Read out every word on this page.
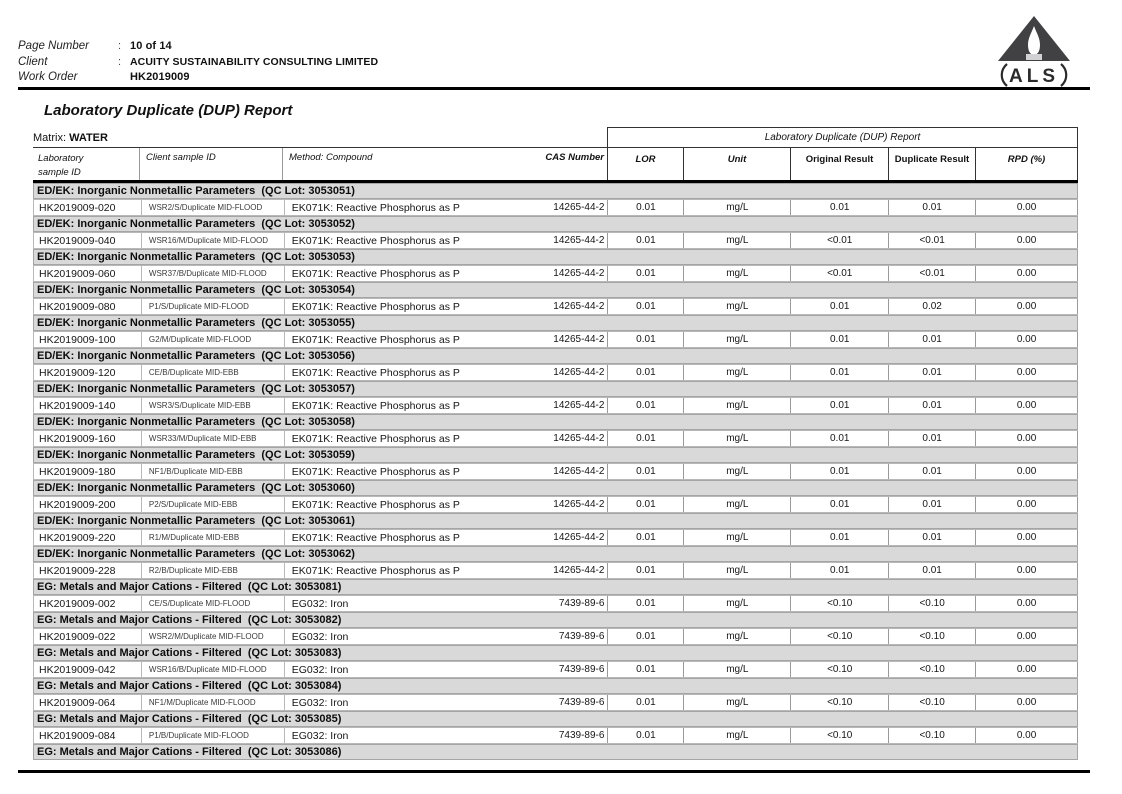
Page Number	: 10 of 14
Client	: ACUITY SUSTAINABILITY CONSULTING LIMITED
Work Order	HK2019009	ALS
Laboratory Duplicate (DUP) Report
Matrix: WATER	Laboratory Duplicate (DUP) Report
Laboratory
sample ID
Client sample ID	Method: Compound	CAS Number	LOR	Unit	Original Result	Duplicate Result	RPD (%)
ED/EK: Inorganic Nonmetallic Parameters  (QC Lot: 3053051)
HK2019009-020	WSR2/S/Duplicate MID-FLOOD	EK071K: Reactive Phosphorus as P	14265-44-2	0.01	mg/L	0.01	0.01	0.00
ED/EK: Inorganic Nonmetallic Parameters  (QC Lot: 3053052)
HK2019009-040	WSR16/M/Duplicate MID-FLOOD	EK071K: Reactive Phosphorus as P	14265-44-2	0.01	mg/L	<0.01	<0.01	0.00
ED/EK: Inorganic Nonmetallic Parameters  (QC Lot: 3053053)
HK2019009-060	WSR37/B/Duplicate MID-FLOOD	EK071K: Reactive Phosphorus as P	14265-44-2	0.01	mg/L	<0.01	<0.01	0.00
ED/EK: Inorganic Nonmetallic Parameters  (QC Lot: 3053054)
HK2019009-080	P1/S/Duplicate MID-FLOOD	EK071K: Reactive Phosphorus as P	14265-44-2	0.01	mg/L	0.01	0.02	0.00
ED/EK: Inorganic Nonmetallic Parameters  (QC Lot: 3053055)
HK2019009-100	G2/M/Duplicate MID-FLOOD	EK071K: Reactive Phosphorus as P	14265-44-2	0.01	mg/L	0.01	0.01	0.00
ED/EK: Inorganic Nonmetallic Parameters  (QC Lot: 3053056)
HK2019009-120	CE/B/Duplicate MID-EBB	EK071K: Reactive Phosphorus as P	14265-44-2	0.01	mg/L	0.01	0.01	0.00
ED/EK: Inorganic Nonmetallic Parameters  (QC Lot: 3053057)
HK2019009-140	WSR3/S/Duplicate MID-EBB	EK071K: Reactive Phosphorus as P	14265-44-2	0.01	mg/L	0.01	0.01	0.00
ED/EK: Inorganic Nonmetallic Parameters  (QC Lot: 3053058)
HK2019009-160	WSR33/M/Duplicate MID-EBB	EK071K: Reactive Phosphorus as P	14265-44-2	0.01	mg/L	0.01	0.01	0.00
ED/EK: Inorganic Nonmetallic Parameters  (QC Lot: 3053059)
HK2019009-180	NF1/B/Duplicate MID-EBB	EK071K: Reactive Phosphorus as P	14265-44-2	0.01	mg/L	0.01	0.01	0.00
ED/EK: Inorganic Nonmetallic Parameters  (QC Lot: 3053060)
HK2019009-200	P2/S/Duplicate MID-EBB	EK071K: Reactive Phosphorus as P	14265-44-2	0.01	mg/L	0.01	0.01	0.00
ED/EK: Inorganic Nonmetallic Parameters  (QC Lot: 3053061)
HK2019009-220	R1/M/Duplicate MID-EBB	EK071K: Reactive Phosphorus as P	14265-44-2	0.01	mg/L	0.01	0.01	0.00
ED/EK: Inorganic Nonmetallic Parameters  (QC Lot: 3053062)
HK2019009-228	R2/B/Duplicate MID-EBB	EK071K: Reactive Phosphorus as P	14265-44-2	0.01	mg/L	0.01	0.01	0.00
EG: Metals and Major Cations - Filtered  (QC Lot: 3053081)
HK2019009-002	CE/S/Duplicate MID-FLOOD	EG032: Iron	7439-89-6	0.01	mg/L	<0.10	<0.10	0.00
EG: Metals and Major Cations - Filtered  (QC Lot: 3053082)
HK2019009-022	WSR2/M/Duplicate MID-FLOOD	EG032: Iron	7439-89-6	0.01	mg/L	<0.10	<0.10	0.00
EG: Metals and Major Cations - Filtered  (QC Lot: 3053083)
HK2019009-042	WSR16/B/Duplicate MID-FLOOD	EG032: Iron	7439-89-6	0.01	mg/L	<0.10	<0.10	0.00
EG: Metals and Major Cations - Filtered  (QC Lot: 3053084)
HK2019009-064	NF1/M/Duplicate MID-FLOOD	EG032: Iron	7439-89-6	0.01	mg/L	<0.10	<0.10	0.00
EG: Metals and Major Cations - Filtered  (QC Lot: 3053085)
HK2019009-084	P1/B/Duplicate MID-FLOOD	EG032: Iron	7439-89-6	0.01	mg/L	<0.10	<0.10	0.00
EG: Metals and Major Cations - Filtered  (QC Lot: 3053086)
